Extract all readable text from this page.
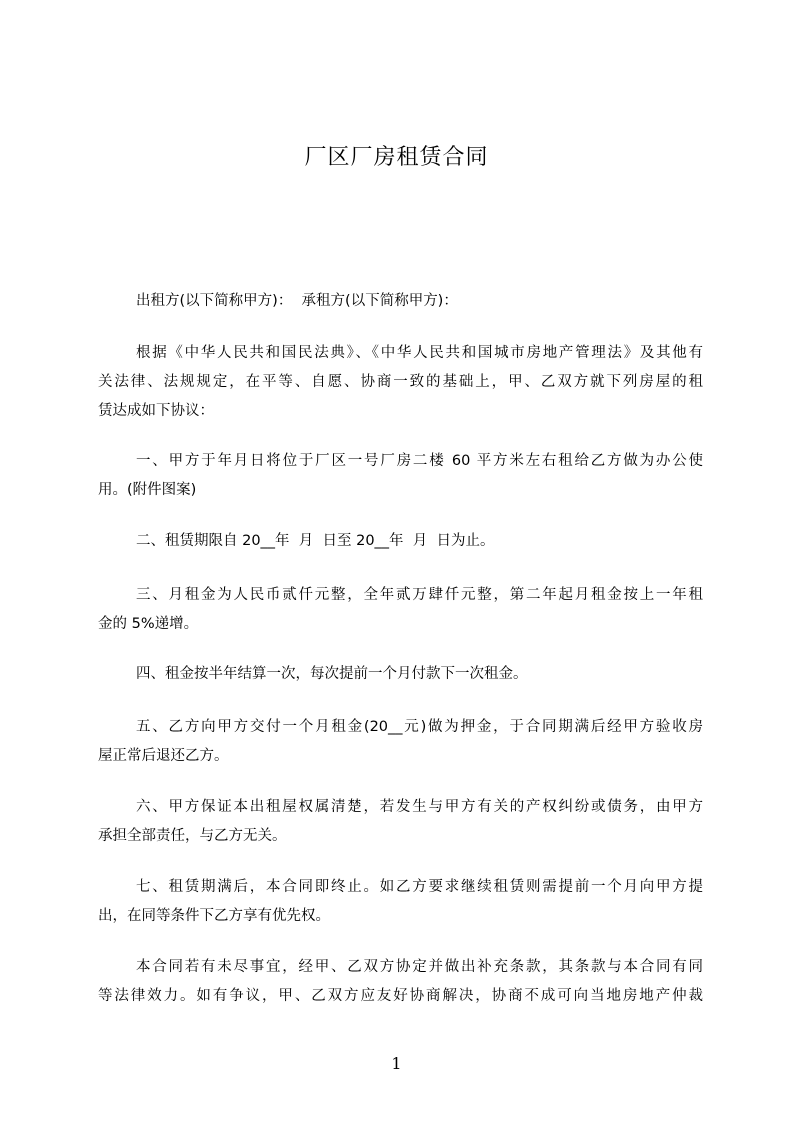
厂区厂房租赁合同
出租方(以下简称甲方)：  承租方(以下简称甲方)：
根据《中华人民共和国民法典》、《中华人民共和国城市房地产管理法》及其他有
关法律、法规规定，在平等、自愿、协商一致的基础上，甲、乙双方就下列房屋的租
赁达成如下协议：
一、甲方于年月日将位于厂区一号厂房二楼 60 平方米左右租给乙方做为办公使
用。(附件图案)
二、租赁期限自 20__年  月  日至 20__年  月  日为止。
三、月租金为人民币贰仟元整，全年贰万肆仟元整，第二年起月租金按上一年租
金的 5%递增。
四、租金按半年结算一次，每次提前一个月付款下一次租金。
五、乙方向甲方交付一个月租金(20__元)做为押金，于合同期满后经甲方验收房
屋正常后退还乙方。
六、甲方保证本出租屋权属清楚，若发生与甲方有关的产权纠纷或债务，由甲方
承担全部责任，与乙方无关。
七、租赁期满后，本合同即终止。如乙方要求继续租赁则需提前一个月向甲方提
出，在同等条件下乙方享有优先权。
本合同若有未尽事宜，经甲、乙双方协定并做出补充条款，其条款与本合同有同
等法律效力。如有争议，甲、乙双方应友好协商解决，协商不成可向当地房地产仲裁
1
